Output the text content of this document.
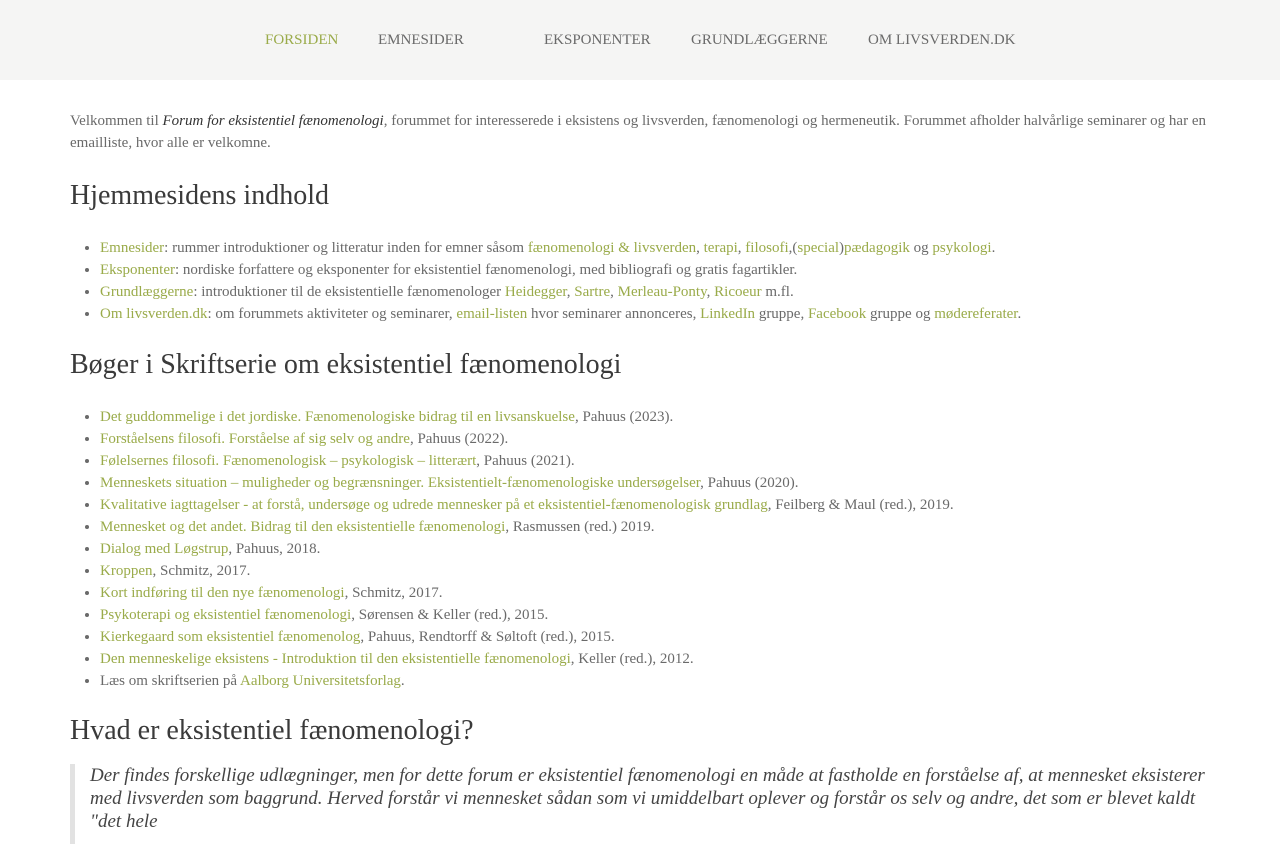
FORSIDEN	EMNESIDER	EKSPONENTER	GRUNDLÆGGERNE	OM LIVSVERDEN.DK

Velkommen til Forum for eksistentiel fænomenologi, forummet for interesserede i eksistens og livsverden, fænomenologi og hermeneutik. Forummet afholder halvårlige seminarer og har en emailliste, hvor alle er velkomne.

Hjemmesidens indhold
• Emnesider: rummer introduktioner og litteratur inden for emner såsom fænomenologi & livsverden, terapi, filosofi,(special)pædagogik og psykologi.
• Eksponenter: nordiske forfattere og eksponenter for eksistentiel fænomenologi, med bibliografi og gratis fagartikler.
• Grundlæggerne: introduktioner til de eksistentielle fænomenologer Heidegger, Sartre, Merleau-Ponty, Ricoeur m.fl.
• Om livsverden.dk: om forummets aktiviteter og seminarer, email-listen hvor seminarer annonceres, LinkedIn gruppe, Facebook gruppe og mødereferater.
Bøger i Skriftserie om eksistentiel fænomenologi
• Det guddommelige i det jordiske. Fænomenologiske bidrag til en livsanskuelse, Pahuus (2023).
• Forståelsens filosofi. Forståelse af sig selv og andre, Pahuus (2022).
• Følelsernes filosofi. Fænomenologisk – psykologisk – litterært, Pahuus (2021).
• Menneskets situation – muligheder og begrænsninger. Eksistentielt-fænomenologiske undersøgelser, Pahuus (2020).
• Kvalitative iagttagelser - at forstå, undersøge og udrede mennesker på et eksistentiel-fænomenologisk grundlag, Feilberg & Maul (red.), 2019.
• Mennesket og det andet. Bidrag til den eksistentielle fænomenologi, Rasmussen (red.) 2019.
• Dialog med Løgstrup, Pahuus, 2018.
• Kroppen, Schmitz, 2017.
• Kort indføring til den nye fænomenologi, Schmitz, 2017.
• Psykoterapi og eksistentiel fænomenologi, Sørensen & Keller (red.), 2015.
• Kierkegaard som eksistentiel fænomenolog, Pahuus, Rendtorff & Søltoft (red.), 2015.
• Den menneskelige eksistens - Introduktion til den eksistentielle fænomenologi, Keller (red.), 2012.
• Læs om skriftserien på Aalborg Universitetsforlag.
Hvad er eksistentiel fænomenologi?
Der findes forskellige udlægninger, men for dette forum er eksistentiel fænomenologi en måde at fastholde en forståelse af, at mennesket eksisterer
med livsverden som baggrund. Herved forstår vi mennesket sådan som vi umiddelbart oplever og forstår os selv og andre, det som er blevet kaldt "det hele
